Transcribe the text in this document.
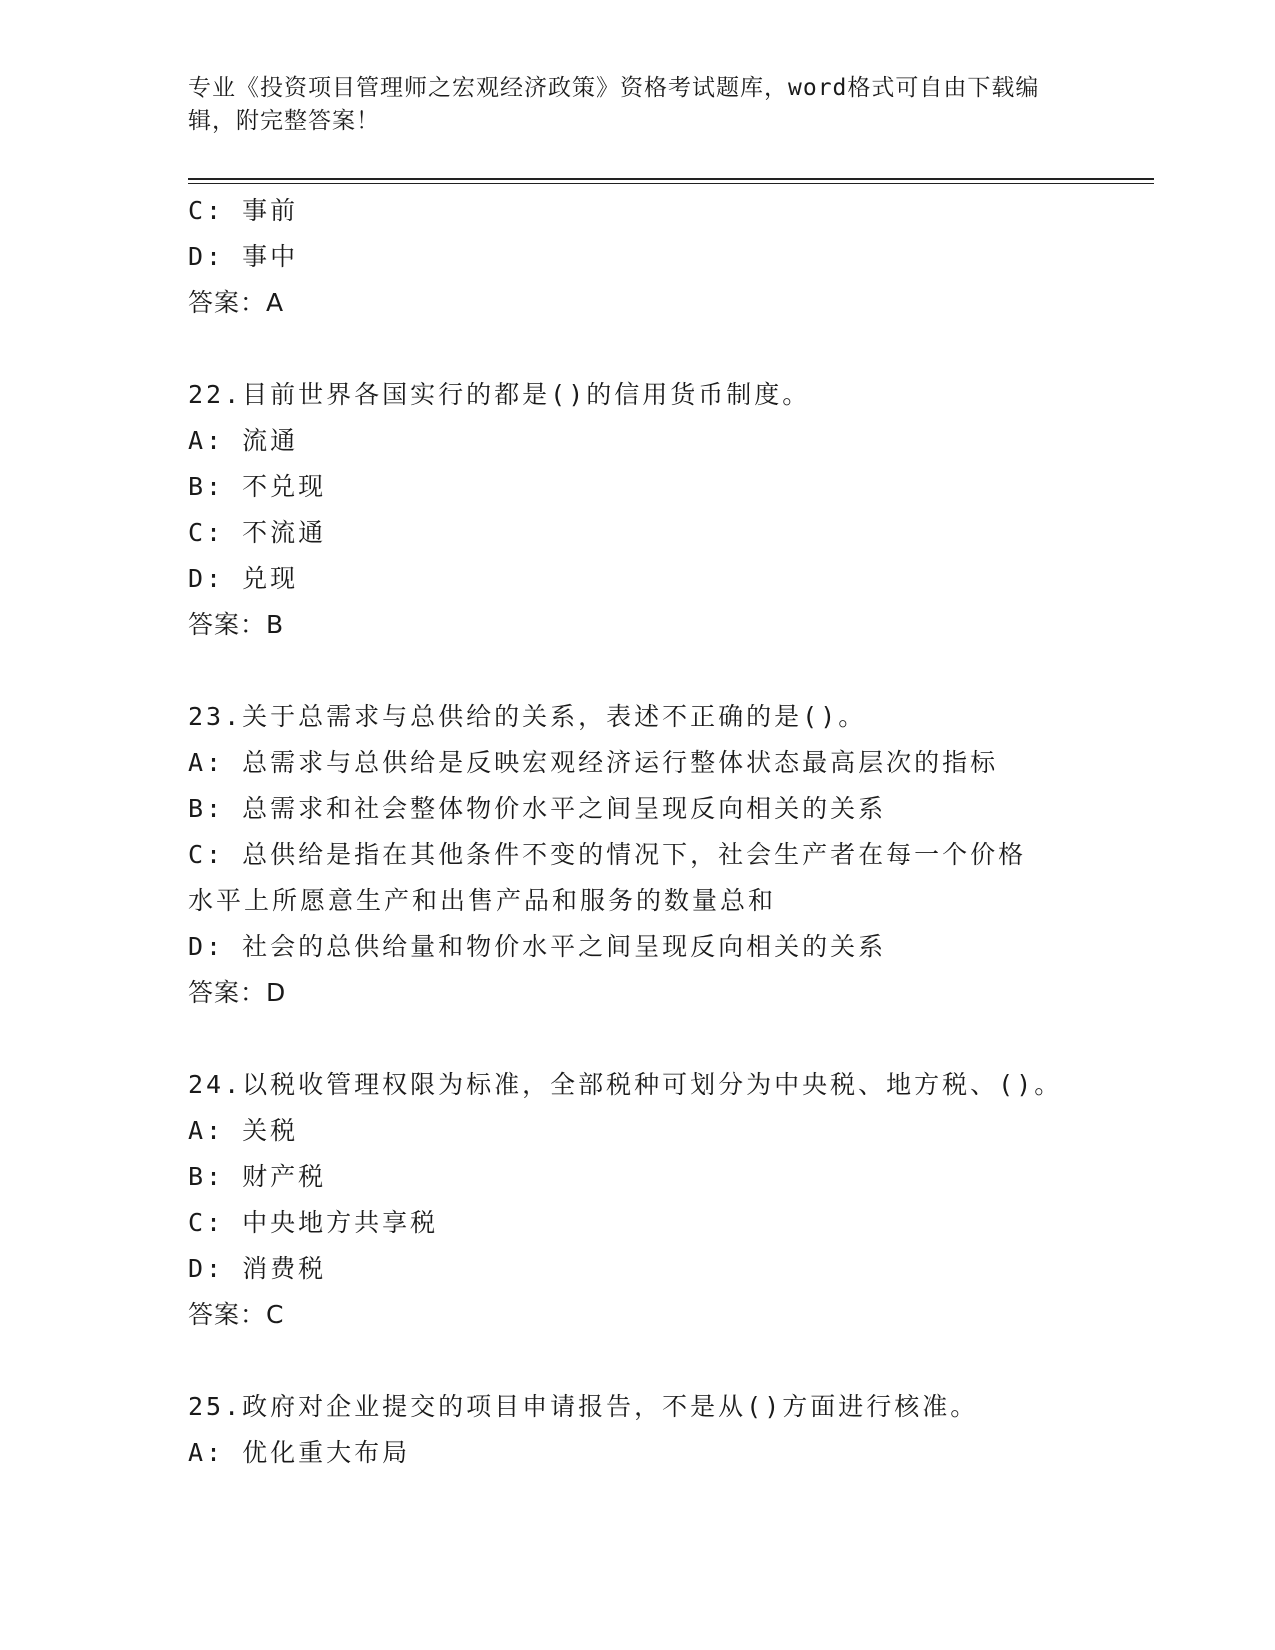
专业《投资项目管理师之宏观经济政策》资格考试题库，word格式可自由下载编
辑，附完整答案！
C: 事前
D: 事中
答案：A
22.目前世界各国实行的都是()的信用货币制度。
A: 流通
B: 不兑现
C: 不流通
D: 兑现
答案：B
23.关于总需求与总供给的关系，表述不正确的是()。
A: 总需求与总供给是反映宏观经济运行整体状态最高层次的指标
B: 总需求和社会整体物价水平之间呈现反向相关的关系
C: 总供给是指在其他条件不变的情况下，社会生产者在每一个价格水平上所愿意生产和出售产品和服务的数量总和
D: 社会的总供给量和物价水平之间呈现反向相关的关系
答案：D
24.以税收管理权限为标准，全部税种可划分为中央税、地方税、()。
A: 关税
B: 财产税
C: 中央地方共享税
D: 消费税
答案：C
25.政府对企业提交的项目申请报告，不是从()方面进行核准。
A: 优化重大布局
